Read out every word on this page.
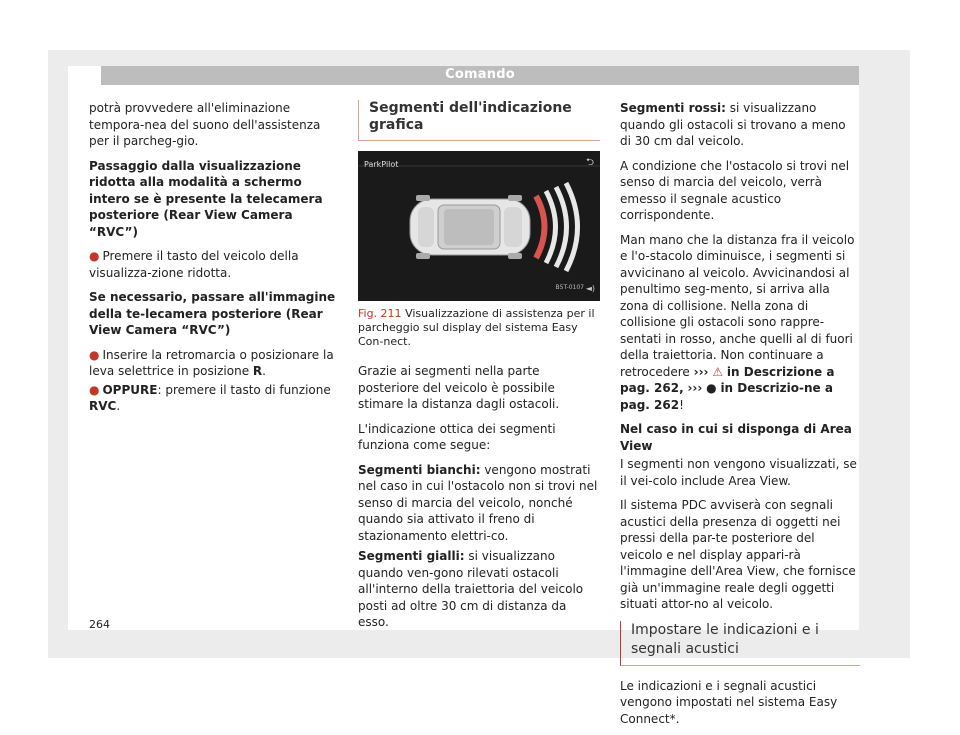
Comando

potrà provvedere all'eliminazione tempora-nea del suono dell'assistenza per il parcheg-gio.

Passaggio dalla visualizzazione ridotta alla modalità a schermo intero se è presente la telecamera posteriore (Rear View Camera “RVC”)

● Premere il tasto del veicolo della visualizza-zione ridotta.

Se necessario, passare all'immagine della te-lecamera posteriore (Rear View Camera “RVC”)

● Inserire la retromarcia o posizionare la leva selettrice in posizione R.

● OPPURE: premere il tasto di funzione RVC.

Segmenti dell'indicazione grafica
ParkPilot	⮌
B5T-0107 ◄)
Fig. 211 Visualizzazione di assistenza per il parcheggio sul display del sistema Easy Con-nect.

Grazie ai segmenti nella parte posteriore del veicolo è possibile stimare la distanza dagli ostacoli.

L'indicazione ottica dei segmenti funziona come segue:

Segmenti bianchi: vengono mostrati nel caso in cui l'ostacolo non si trovi nel senso di marcia del veicolo, nonché quando sia attivato il freno di stazionamento elettri-co.
Segmenti gialli: si visualizzano quando ven-gono rilevati ostacoli all'interno della traiettoria del veicolo posti ad oltre 30 cm di distanza da esso.
Segmenti rossi: si visualizzano quando gli ostacoli si trovano a meno di 30 cm dal veicolo.

A condizione che l'ostacolo si trovi nel senso di marcia del veicolo, verrà emesso il segnale acustico corrispondente.

Man mano che la distanza fra il veicolo e l'o-stacolo diminuisce, i segmenti si avvicinano al veicolo. Avvicinandosi al penultimo seg-mento, si arriva alla zona di collisione. Nella zona di collisione gli ostacoli sono rappre-sentati in rosso, anche quelli al di fuori della traiettoria. Non continuare a retrocedere ››› ⚠ in Descrizione a pag. 262, ››› ● in Descrizio-ne a pag. 262!

Nel caso in cui si disponga di Area View

I segmenti non vengono visualizzati, se il vei-colo include Area View.

Il sistema PDC avviserà con segnali acustici della presenza di oggetti nei pressi della par-te posteriore del veicolo e nel display appari-rà l'immagine dell'Area View, che fornisce già un'immagine reale degli oggetti situati attor-no al veicolo.

Impostare le indicazioni e i segnali acustici

Le indicazioni e i segnali acustici vengono impostati nel sistema Easy Connect*.

264
